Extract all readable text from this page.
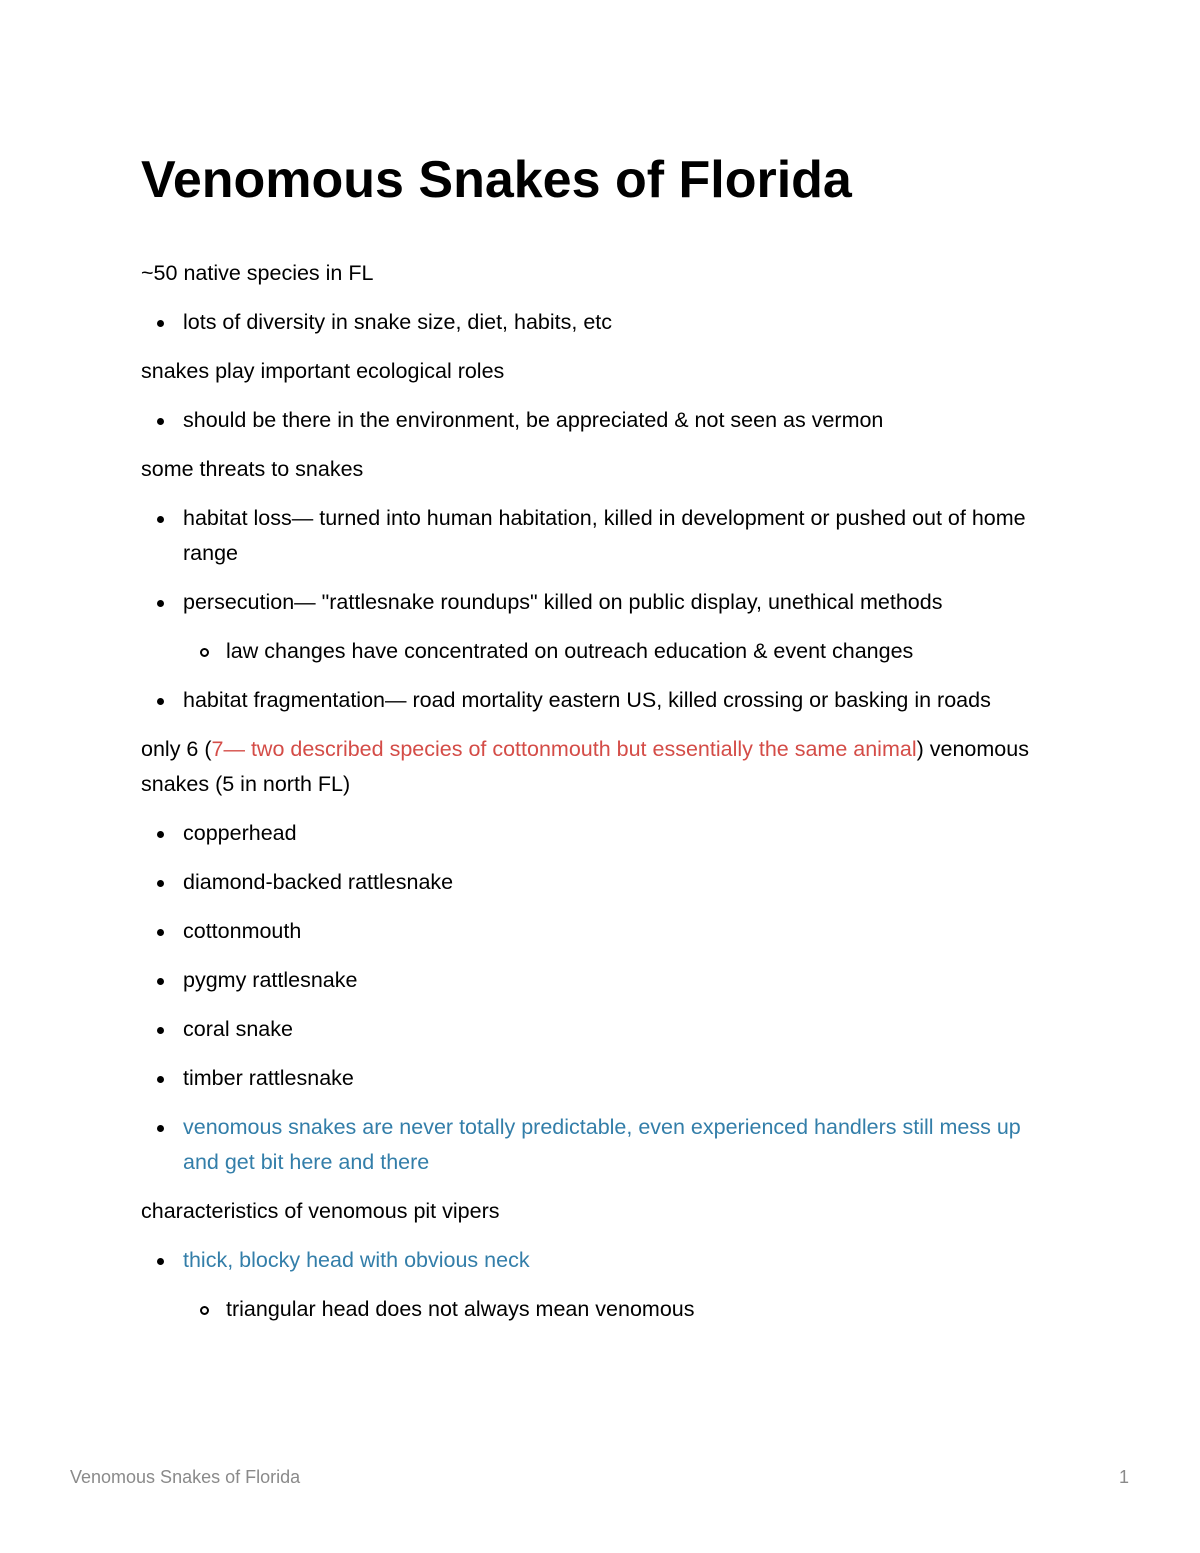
Venomous Snakes of Florida

~50 native species in FL

lots of diversity in snake size, diet, habits, etc

snakes play important ecological roles

should be there in the environment, be appreciated & not seen as vermon

some threats to snakes

habitat loss— turned into human habitation, killed in development or pushed out of home range
persecution— "rattlesnake roundups" killed on public display, unethical methods
law changes have concentrated on outreach education & event changes
habitat fragmentation— road mortality eastern US, killed crossing or basking in roads

only 6 (7— two described species of cottonmouth but essentially the same animal) venomous snakes (5 in north FL)

copperhead
diamond-backed rattlesnake
cottonmouth
pygmy rattlesnake
coral snake
timber rattlesnake
venomous snakes are never totally predictable, even experienced handlers still mess up and get bit here and there

characteristics of venomous pit vipers

thick, blocky head with obvious neck
triangular head does not always mean venomous
Venomous Snakes of Florida	1
